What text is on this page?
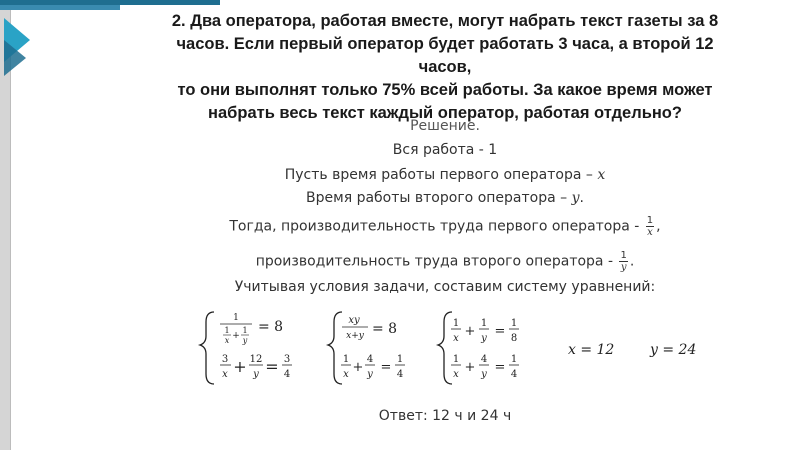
2. Два оператора, работая вместе, могут набрать текст газеты за 8
часов. Если первый оператор будет работать 3 часа, а второй 12 часов,
то они выполнят только 75% всей работы. За какое время может
набрать весь текст каждый оператор, работая отдельно?
Решение.
Вся работа - 1
Пусть время работы первого оператора – x
Время работы второго оператора – y.
Тогда, производительность труда первого оператора - $\frac{1}{x}$ ,
производительность труда второго оператора - $\frac{1}{y}$ .
Учитывая условия задачи, составим систему уравнений:
1
1
x +
1
y
= 8
3
x + 12
y = 3
4
xy
x+y = 8
1
x +
4
y =
1
4
1
x +
1
y =
1
8
1
x +
4
y =
1
4
x = 12	y = 24
Ответ: 12 ч и 24 ч
